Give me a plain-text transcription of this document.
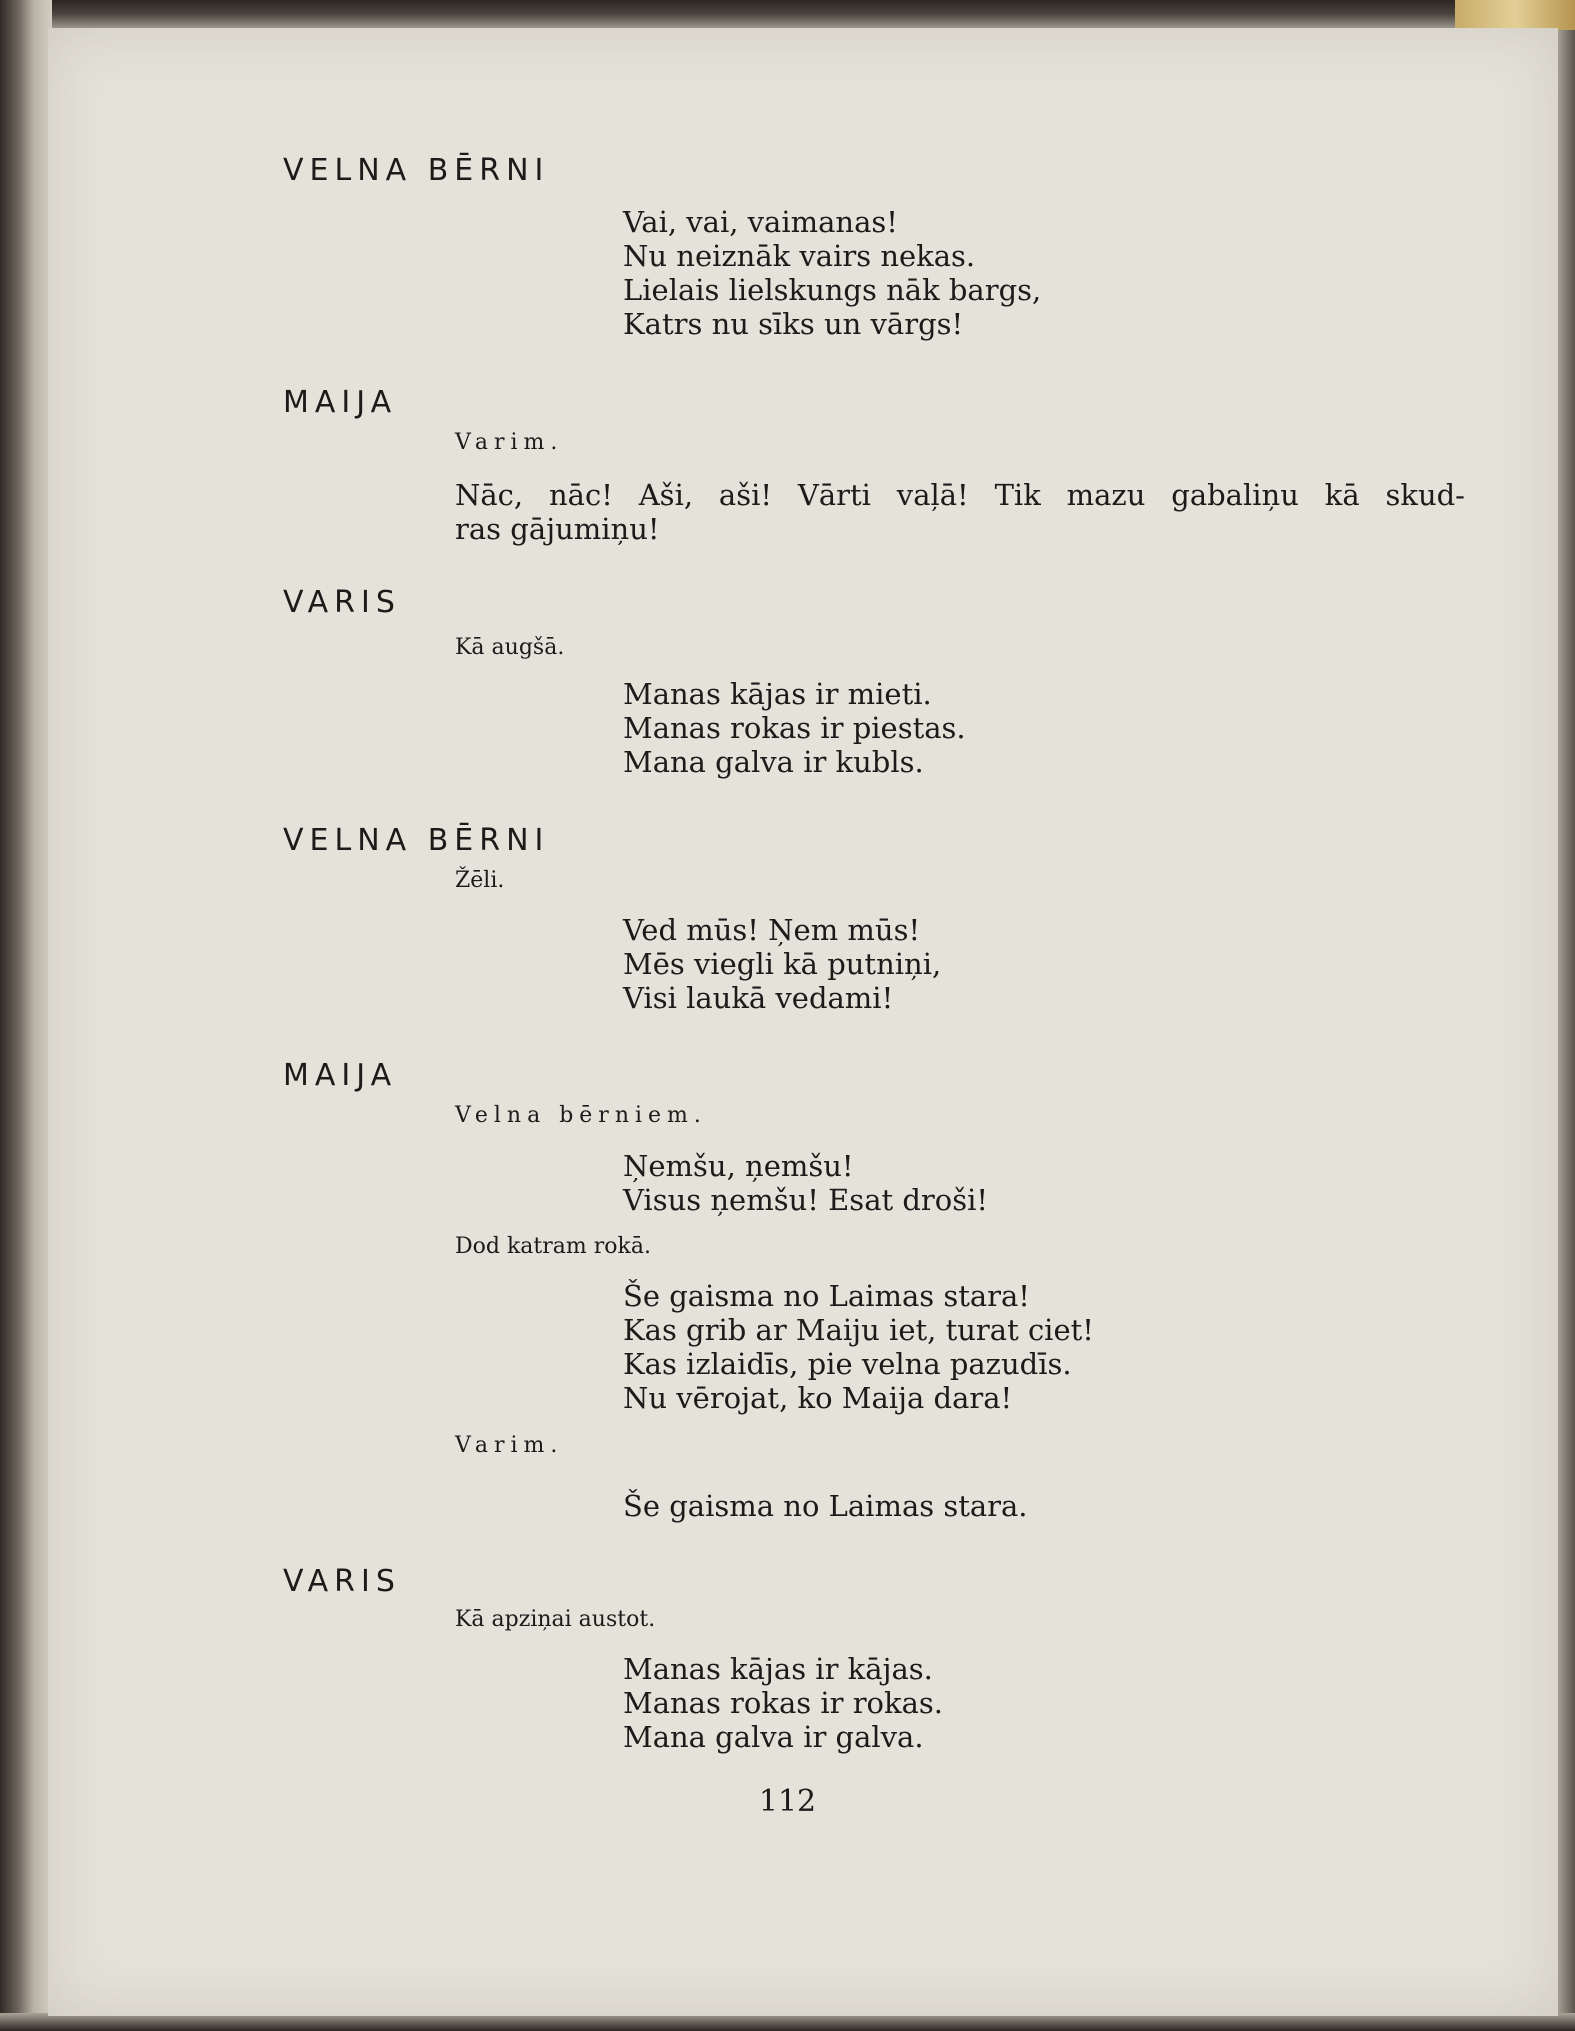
VELNA BĒRNI
Vai, vai, vaimanas!
Nu neiznāk vairs nekas.
Lielais lielskungs nāk bargs,
Katrs nu sīks un vārgs!
MAIJA
Varim.
Nāc, nāc! Aši, aši! Vārti vaļā! Tik mazu gabaliņu kā skud-
ras gājumiņu!
VARIS
Kā augšā.
Manas kājas ir mieti.
Manas rokas ir piestas.
Mana galva ir kubls.
VELNA BĒRNI
Žēli.
Ved mūs! Ņem mūs!
Mēs viegli kā putniņi,
Visi laukā vedami!
MAIJA
Velna bērniem.
Ņemšu, ņemšu!
Visus ņemšu! Esat droši!
Dod katram rokā.
Še gaisma no Laimas stara!
Kas grib ar Maiju iet, turat ciet!
Kas izlaidīs, pie velna pazudīs.
Nu vērojat, ko Maija dara!
Varim.
Še gaisma no Laimas stara.
VARIS
Kā apziņai austot.
Manas kājas ir kājas.
Manas rokas ir rokas.
Mana galva ir galva.
112
